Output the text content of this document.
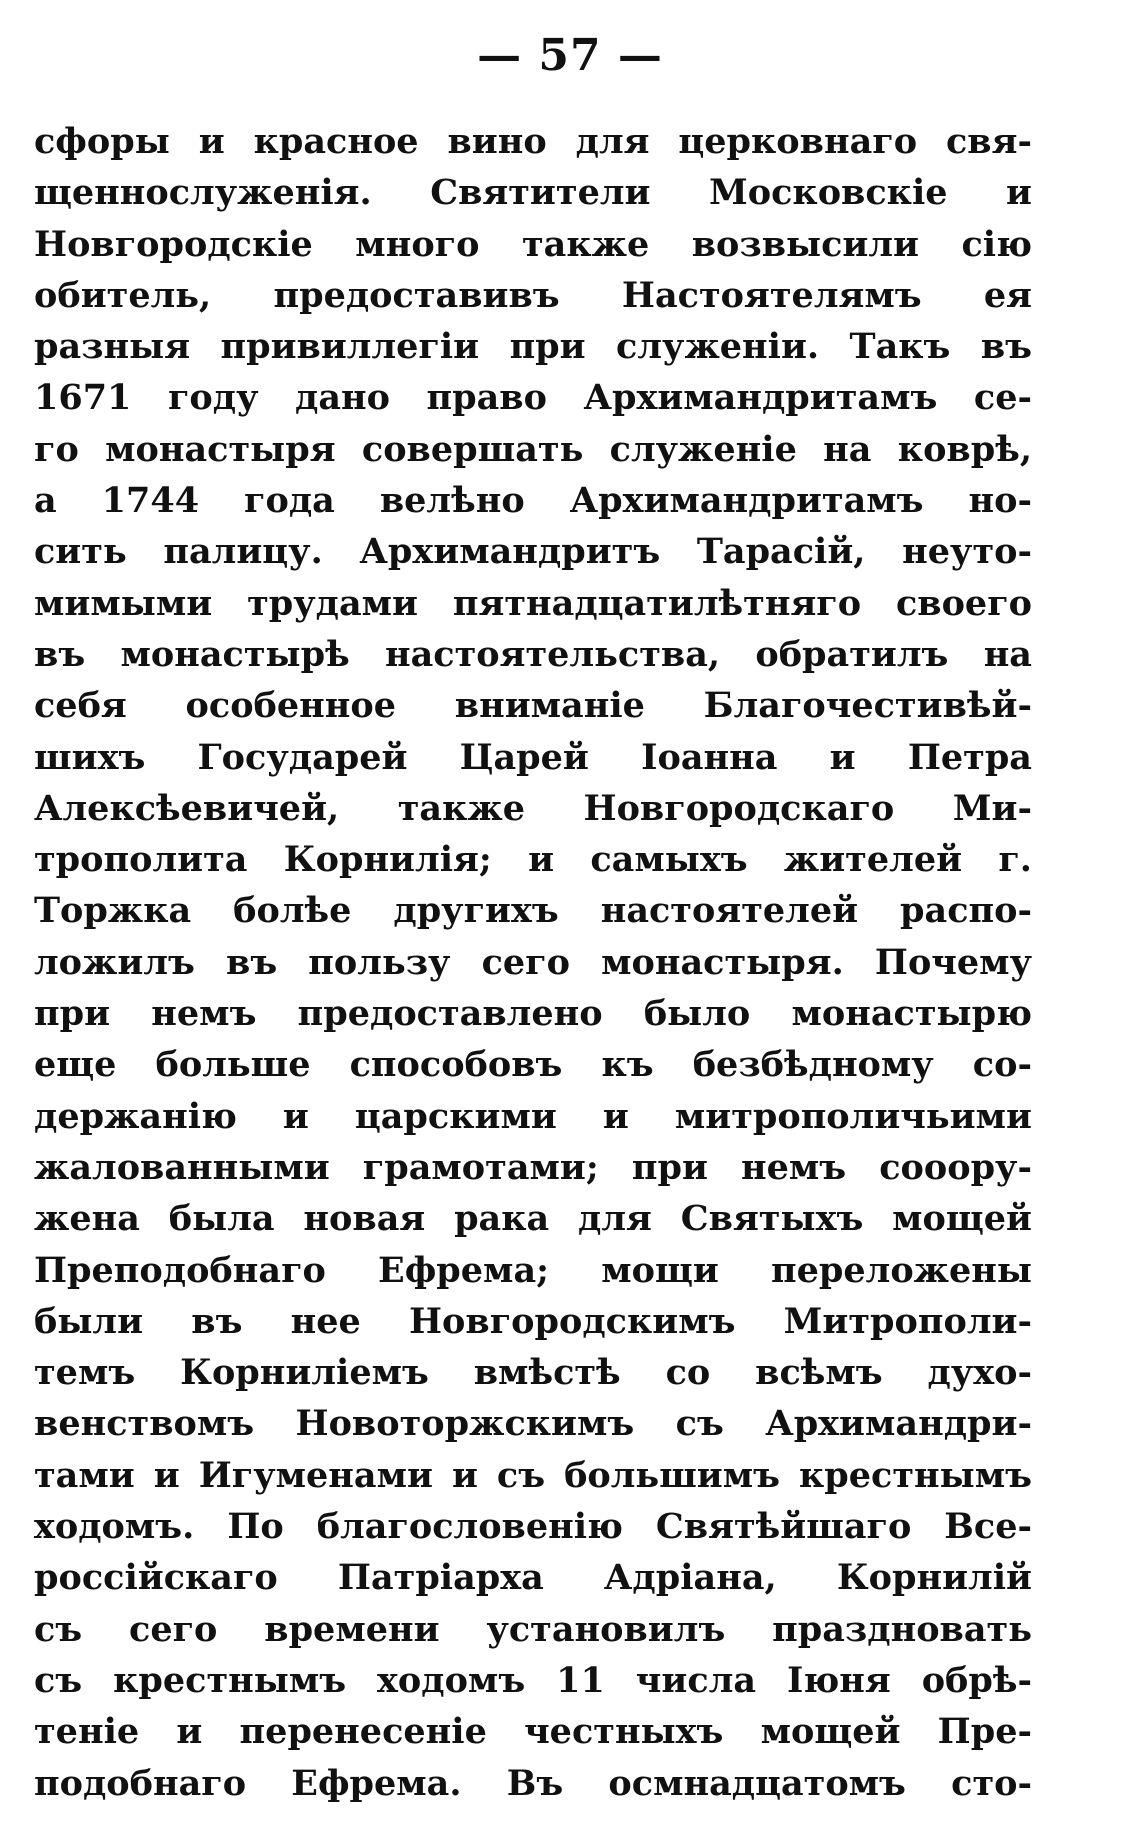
— 57 —
сфоры и красное вино для церковнаго свя-
щеннослуженія. Святители Московскіе и
Новгородскіе много также возвысили сію
обитель, предоставивъ Настоятелямъ ея
разныя привиллегіи при служеніи. Такъ въ
1671 году дано право Архимандритамъ се-
го монастыря совершать служеніе на коврѣ,
а 1744 года велѣно Архимандритамъ но-
сить палицу. Архимандритъ Тарасій, неуто-
мимыми трудами пятнадцатилѣтняго своего
въ монастырѣ настоятельства, обратилъ на
себя особенное вниманіе Благочестивѣй-
шихъ Государей Царей Іоанна и Петра
Алексѣевичей, также Новгородскаго Ми-
трополита Корнилія; и самыхъ жителей г.
Торжка болѣе другихъ настоятелей распо-
ложилъ въ пользу сего монастыря. Почему
при немъ предоставлено было монастырю
еще больше способовъ къ безбѣдному со-
держанію и царскими и митрополичьими
жалованными грамотами; при немъ сооору-
жена была новая рака для Святыхъ мощей
Преподобнаго Ефрема; мощи переложены
были въ нее Новгородскимъ Митрополи-
темъ Корниліемъ вмѣстѣ со всѣмъ духо-
венствомъ Новоторжскимъ съ Архимандри-
тами и Игуменами и съ большимъ крестнымъ
ходомъ. По благословенію Святѣйшаго Все-
россійскаго Патріарха Адріана, Корнилій
съ сего времени установилъ праздновать
съ крестнымъ ходомъ 11 числа Іюня обрѣ-
теніе и перенесеніе честныхъ мощей Пре-
подобнаго Ефрема. Въ осмнадцатомъ сто-
